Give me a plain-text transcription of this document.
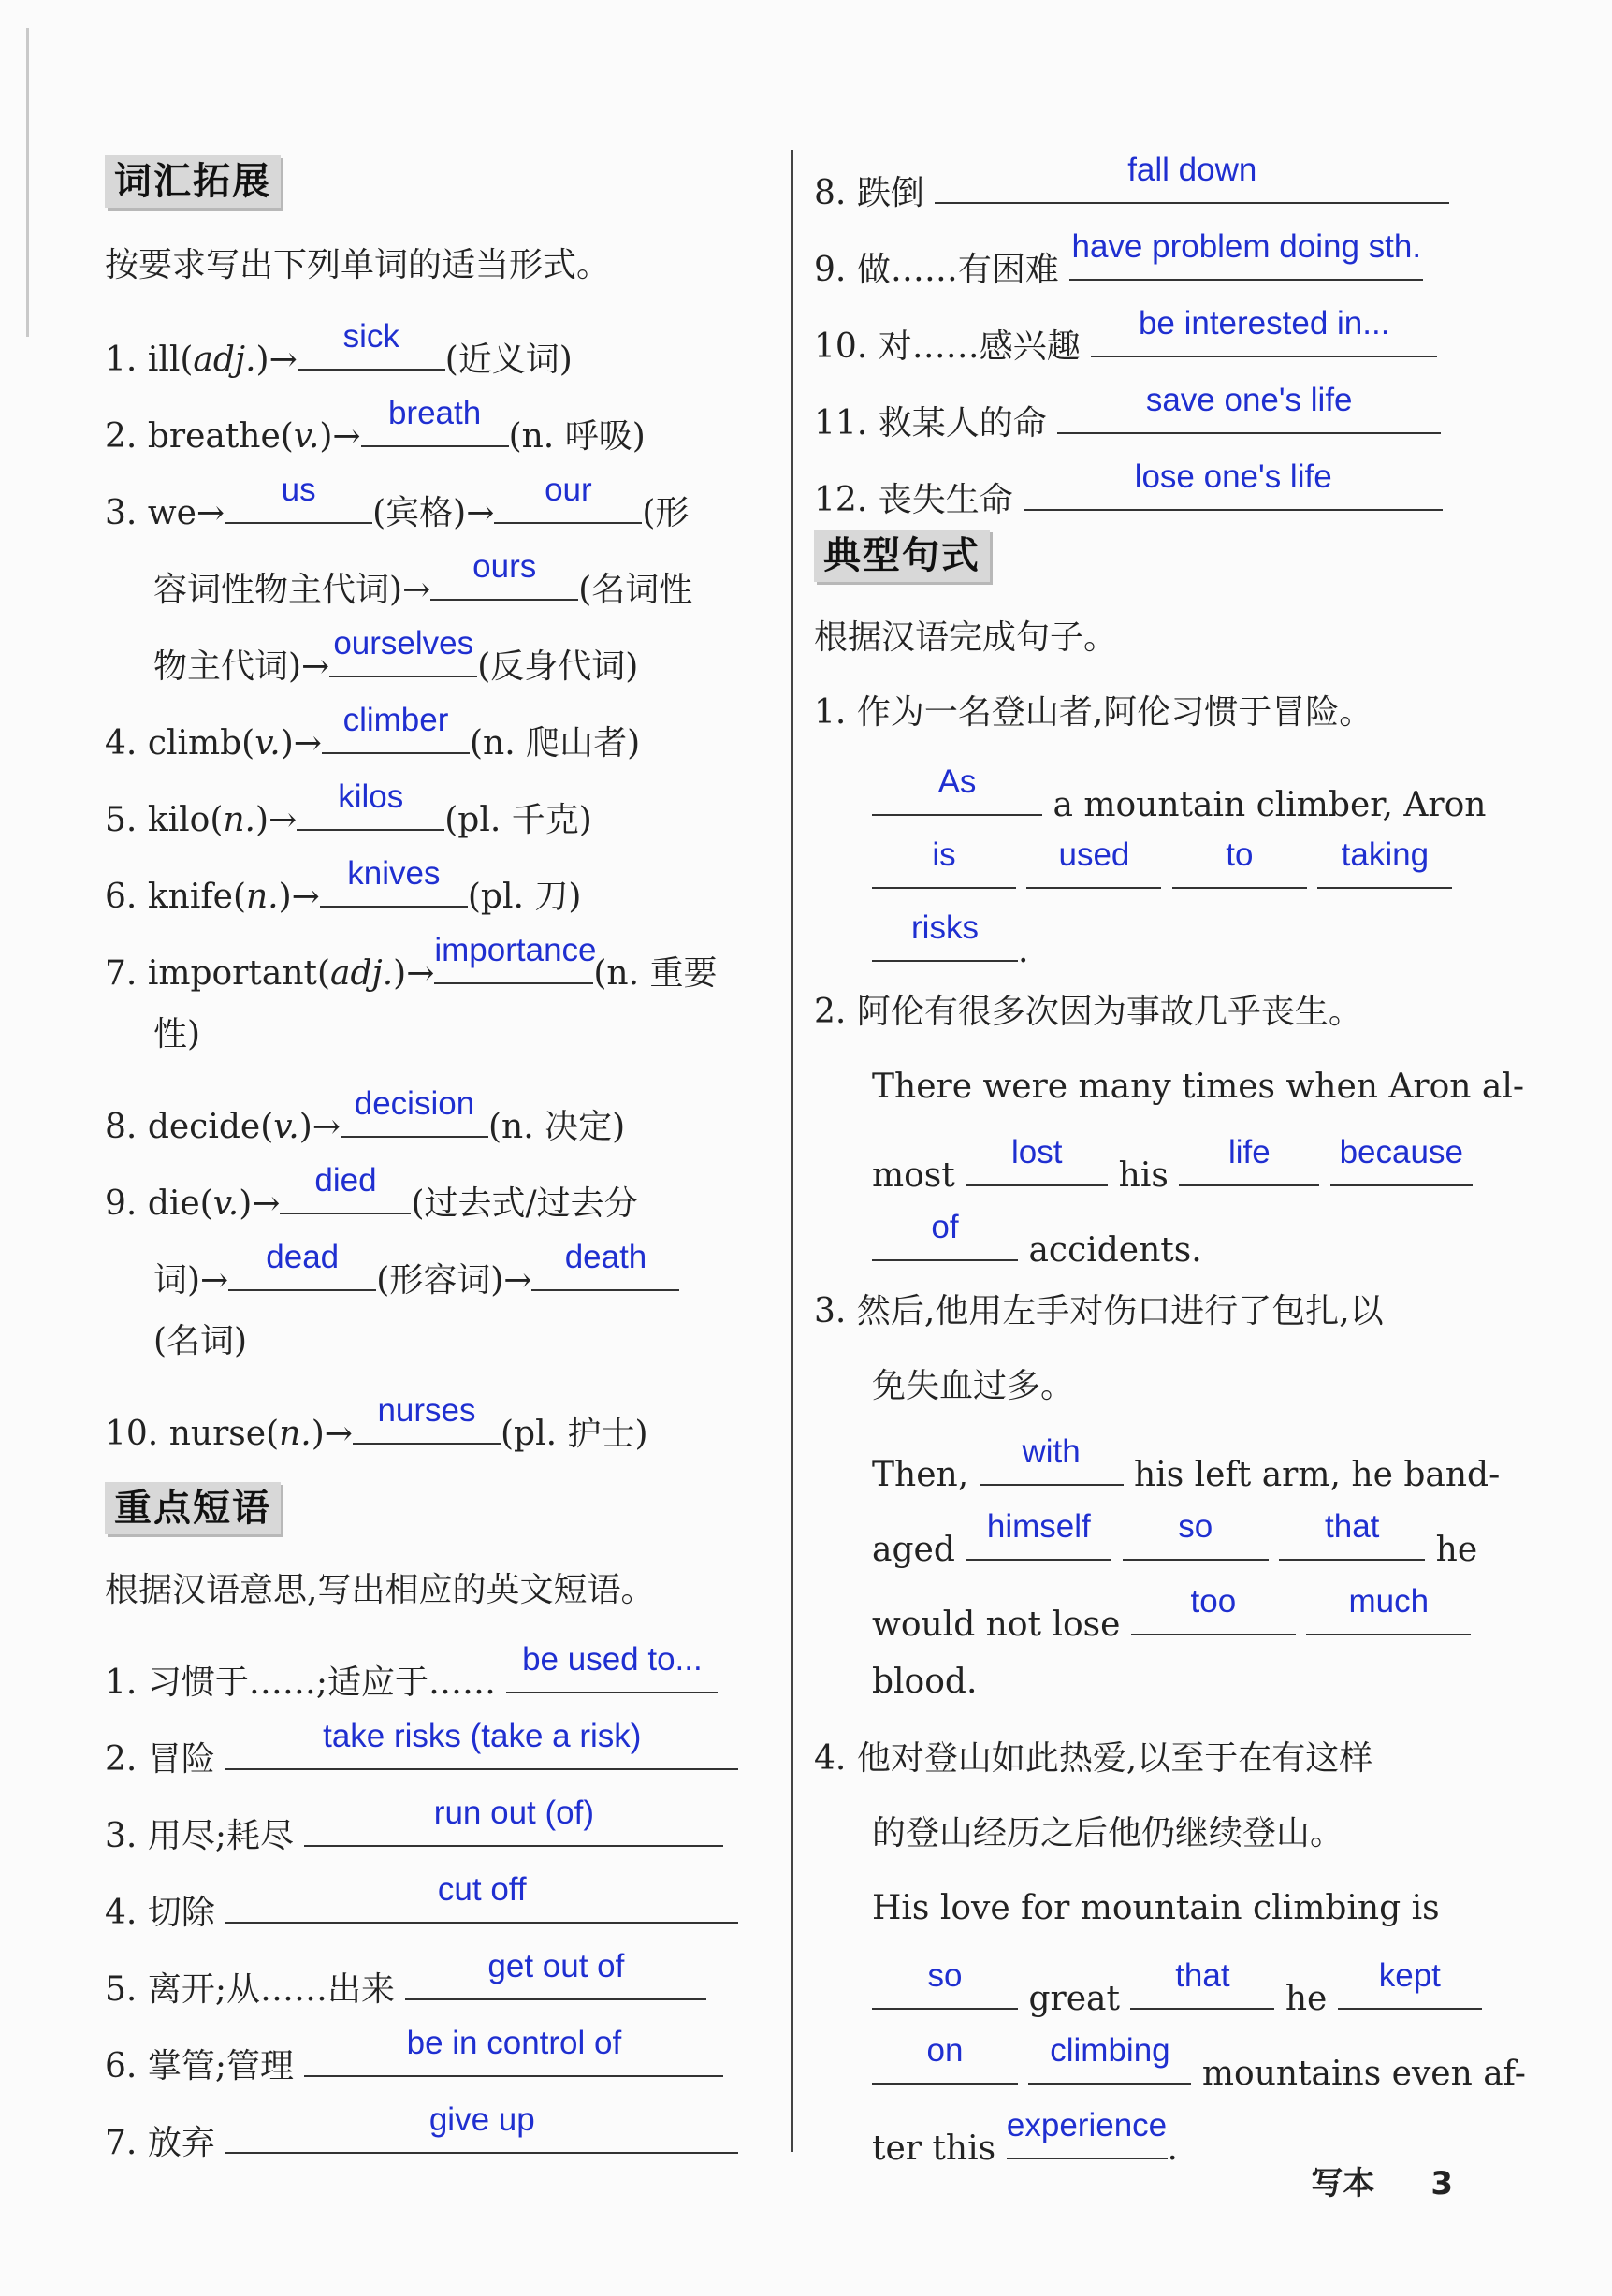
词汇拓展
按要求写出下列单词的适当形式。
1. ill(adj.)→
sick
(近义词)
2. breathe(v.)→
breath
(n. 呼吸)
3. we→
us
(宾格)→
our
(形
容词性物主代词)→
ours
(名词性
物主代词)→
ourselves
(反身代词)
4. climb(v.)→
climber
(n. 爬山者)
5. kilo(n.)→
kilos
(pl. 千克)
6. knife(n.)→
knives
(pl. 刀)
7. important(adj.)→
importance
(n. 重要
性)
8. decide(v.)→
decision
(n. 决定)
9. die(v.)→
died
(过去式/过去分
词)→
dead
(形容词)→
death
(名词)
10. nurse(n.)→
nurses
(pl. 护士)
重点短语
根据汉语意思,写出相应的英文短语。
1. 习惯于……;适应于……
be used to...
2. 冒险
take risks (take a risk)
3. 用尽;耗尽
run out (of)
4. 切除
cut off
5. 离开;从……出来
get out of
6. 掌管;管理
be in control of
7. 放弃
give up
8. 跌倒
fall down
9. 做……有困难
have problem doing sth.
10. 对……感兴趣
be interested in...
11. 救某人的命
save one's life
12. 丧失生命
lose one's life
典型句式
根据汉语完成句子。
1. 作为一名登山者,阿伦习惯于冒险。
As
a mountain climber, Aron
is
	used
	to
	taking
risks
.
2. 阿伦有很多次因为事故几乎丧生。
There were many times when Aron al-
most
lost
his
life
	because
of
accidents.
3. 然后,他用左手对伤口进行了包扎,以
免失血过多。
Then,
with
his left arm, he band-
aged
himself
	so
	that
he
would not lose
too
	much
blood.
4. 他对登山如此热爱,以至于在有这样
的登山经历之后他仍继续登山。
His love for mountain climbing is
so
great
that
he
kept
on
	climbing
mountains even af-
ter this
experience
.
写本 3
